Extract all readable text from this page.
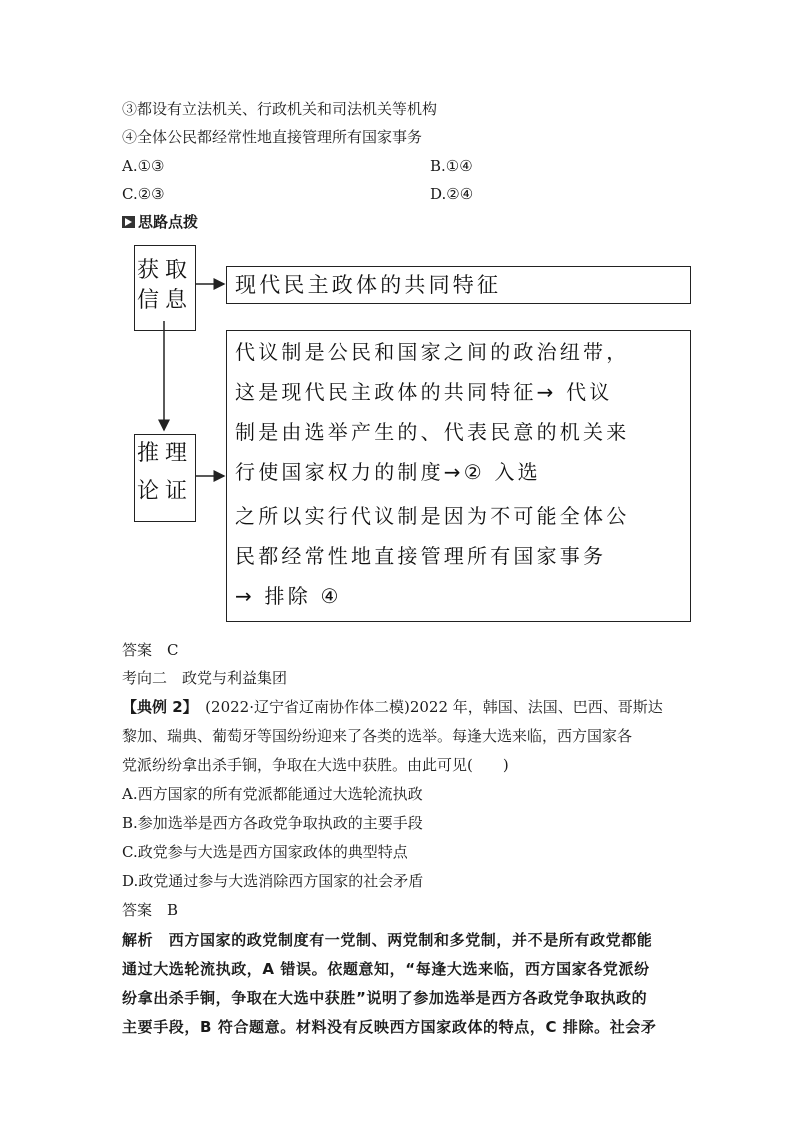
③都设有立法机关、行政机关和司法机关等机构
④全体公民都经常性地直接管理所有国家事务
A.①③	B.①④
C.②③	D.②④
思路点拨
获取
信息
现代民主政体的共同特征
推理
论证
代议制是公民和国家之间的政治纽带，
这是现代民主政体的共同特征→ 代议
制是由选举产生的、代表民意的机关来
行使国家权力的制度→② 入选
之所以实行代议制是因为不可能全体公
民都经常性地直接管理所有国家事务
→ 排除 ④
答案　C
考向二　政党与利益集团
【典例 2】　(2022·辽宁省辽南协作体二模)2022 年，韩国、法国、巴西、哥斯达
黎加、瑞典、葡萄牙等国纷纷迎来了各类的选举。每逢大选来临，西方国家各
党派纷纷拿出杀手锏，争取在大选中获胜。由此可见(　　)
A.西方国家的所有党派都能通过大选轮流执政
B.参加选举是西方各政党争取执政的主要手段
C.政党参与大选是西方国家政体的典型特点
D.政党通过参与大选消除西方国家的社会矛盾
答案　B
解析　西方国家的政党制度有一党制、两党制和多党制，并不是所有政党都能
通过大选轮流执政，A 错误。依题意知，“每逢大选来临，西方国家各党派纷
纷拿出杀手锏，争取在大选中获胜”说明了参加选举是西方各政党争取执政的
主要手段，B 符合题意。材料没有反映西方国家政体的特点，C 排除。社会矛
